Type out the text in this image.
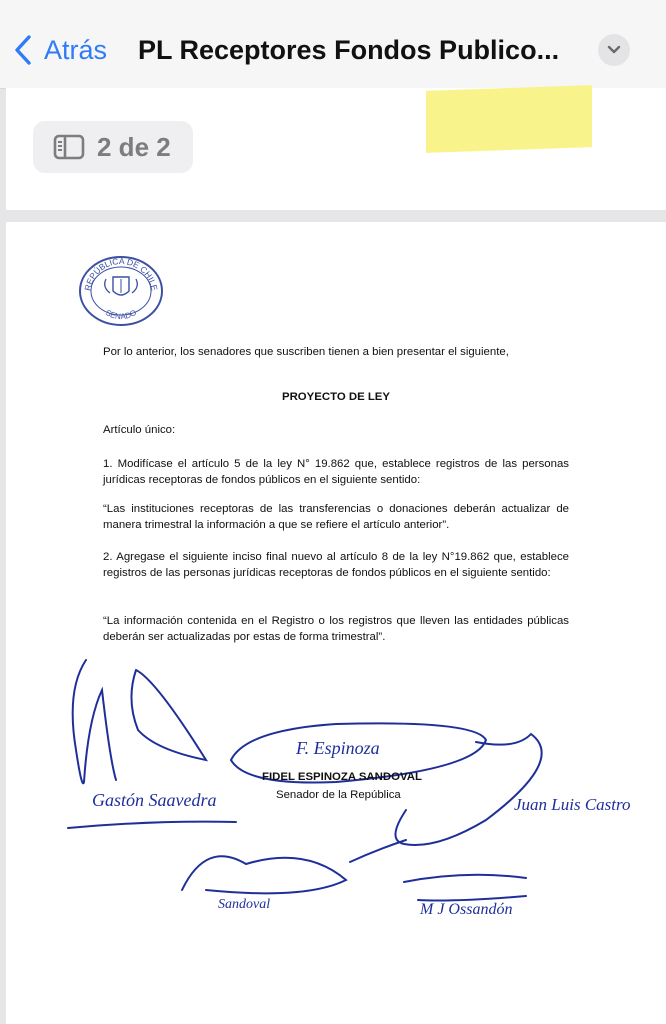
Atrás PL Receptores Fondos Publico...
2 de 2
REPÚBLICA DE CHILE
SENADO
Por lo anterior, los senadores que suscriben tienen a bien presentar el siguiente,
PROYECTO DE LEY
Artículo único:
1. Modifícase el artículo 5 de la ley N° 19.862 que, establece registros de las personas jurídicas receptoras de fondos públicos en el siguiente sentido:
“Las instituciones receptoras de las transferencias o donaciones deberán actualizar de manera trimestral la información a que se refiere el artículo anterior”.
2. Agregase el siguiente inciso final nuevo al artículo 8 de la ley N°19.862 que, establece registros de las personas jurídicas receptoras de fondos públicos en el siguiente sentido:
“La información contenida en el Registro o los registros que lleven las entidades públicas deberán ser actualizadas por estas de forma trimestral”.
Gastón Saavedra
F. Espinoza
Juan Luis Castro
Sandoval	M J Ossandón
FIDEL ESPINOZA SANDOVAL
Senador de la República
